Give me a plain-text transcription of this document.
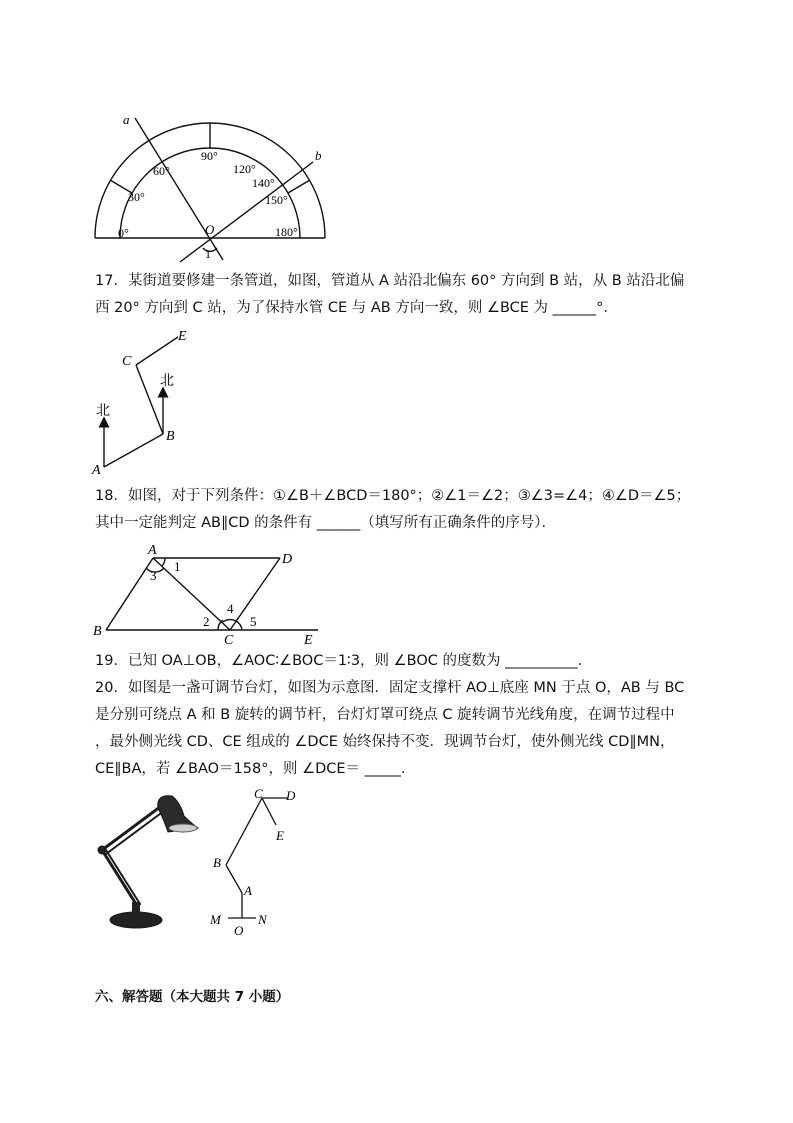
a
b
O
1
0°
30°
60°
90°
120°
140°
150°
180°
17．某街道要修建一条管道，如图，管道从 A 站沿北偏东 60° 方向到 B 站，从 B 站沿北偏
西 20° 方向到 C 站，为了保持水管 CE 与 AB 方向一致，则 ∠BCE 为 ______°．
A
B
C
E
北
北
18．如图，对于下列条件：①∠B＋∠BCD＝180°；②∠1＝∠2；③∠3=∠4；④∠D＝∠5；
其中一定能判定 AB∥CD 的条件有 ______（填写所有正确条件的序号）．
A
B
C
D
E
1
2
3
4
5
19．已知 OA⊥OB，∠AOC∶∠BOC＝1∶3，则 ∠BOC 的度数为 __________．
20．如图是一盏可调节台灯，如图为示意图．固定支撑杆 AO⊥底座 MN 于点 O，AB 与 BC
是分别可绕点 A 和 B 旋转的调节杆，台灯灯罩可绕点 C 旋转调节光线角度，在调节过程中
，最外侧光线 CD、CE 组成的 ∠DCE 始终保持不变．现调节台灯，使外侧光线 CD∥MN，
CE∥BA，若 ∠BAO＝158°，则 ∠DCE＝ _____．
C D
E
B
A
M	N
O
六、解答题（本大题共 7 小题）
